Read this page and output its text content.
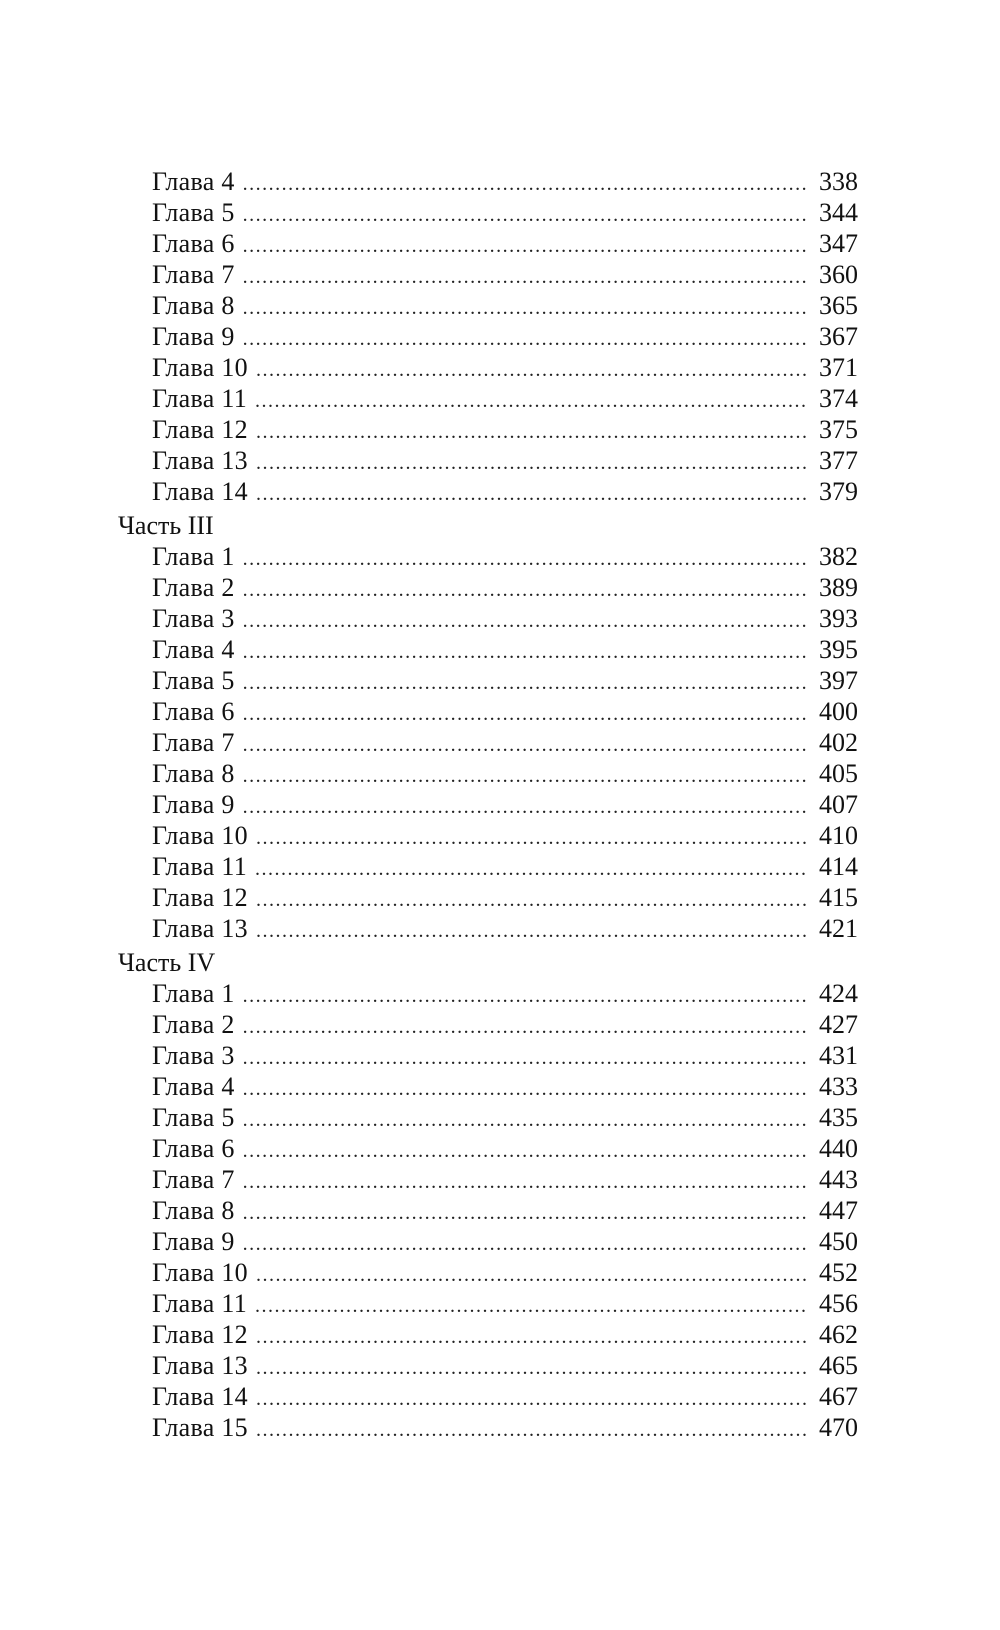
Глава 4 .....	338
Глава 5 .....	344
Глава 6 .....	347
Глава 7 .....	360
Глава 8 .....	365
Глава 9 .....	367
Глава 10 .....	371
Глава 11 .....	374
Глава 12 .....	375
Глава 13 .....	377
Глава 14 .....	379
Часть III
Глава 1 .....	382
Глава 2 .....	389
Глава 3 .....	393
Глава 4 .....	395
Глава 5 .....	397
Глава 6 .....	400
Глава 7 .....	402
Глава 8 .....	405
Глава 9 .....	407
Глава 10 .....	410
Глава 11 .....	414
Глава 12 .....	415
Глава 13 .....	421
Часть IV
Глава 1 .....	424
Глава 2 .....	427
Глава 3 .....	431
Глава 4 .....	433
Глава 5 .....	435
Глава 6 .....	440
Глава 7 .....	443
Глава 8 .....	447
Глава 9 .....	450
Глава 10 .....	452
Глава 11 .....	456
Глава 12 .....	462
Глава 13 .....	465
Глава 14 .....	467
Глава 15 .....	470
